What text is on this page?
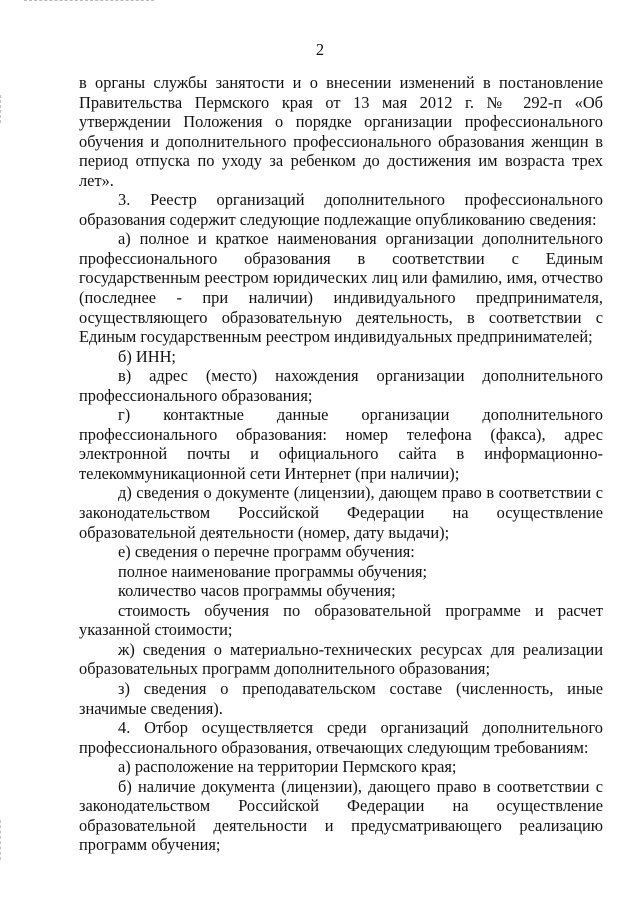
2

в органы службы занятости и о внесении изменений в постановление Правительства Пермского края от 13 мая 2012 г. № 292-п «Об утверждении Положения о порядке организации профессионального обучения и дополнительного профессионального образования женщин в период отпуска по уходу за ребенком до достижения им возраста трех лет».

3. Реестр организаций дополнительного профессионального образования содержит следующие подлежащие опубликованию сведения:

а) полное и краткое наименования организации дополнительного профессионального образования в соответствии с Единым государственным реестром юридических лиц или фамилию, имя, отчество (последнее - при наличии) индивидуального предпринимателя, осуществляющего образовательную деятельность, в соответствии с Единым государственным реестром индивидуальных предпринимателей;

б) ИНН;

в) адрес (место) нахождения организации дополнительного профессионального образования;

г) контактные данные организации дополнительного профессионального образования: номер телефона (факса), адрес электронной почты и официального сайта в информационно-телекоммуникационной сети Интернет (при наличии);

д) сведения о документе (лицензии), дающем право в соответствии с законодательством Российской Федерации на осуществление образовательной деятельности (номер, дату выдачи);

е) сведения о перечне программ обучения:

полное наименование программы обучения;

количество часов программы обучения;

стоимость обучения по образовательной программе и расчет указанной стоимости;

ж) сведения о материально-технических ресурсах для реализации образовательных программ дополнительного образования;

з) сведения о преподавательском составе (численность, иные значимые сведения).

4. Отбор осуществляется среди организаций дополнительного профессионального образования, отвечающих следующим требованиям:

а) расположение на территории Пермского края;

б) наличие документа (лицензии), дающего право в соответствии с законодательством Российской Федерации на осуществление образовательной деятельности и предусматривающего реализацию программ обучения;
